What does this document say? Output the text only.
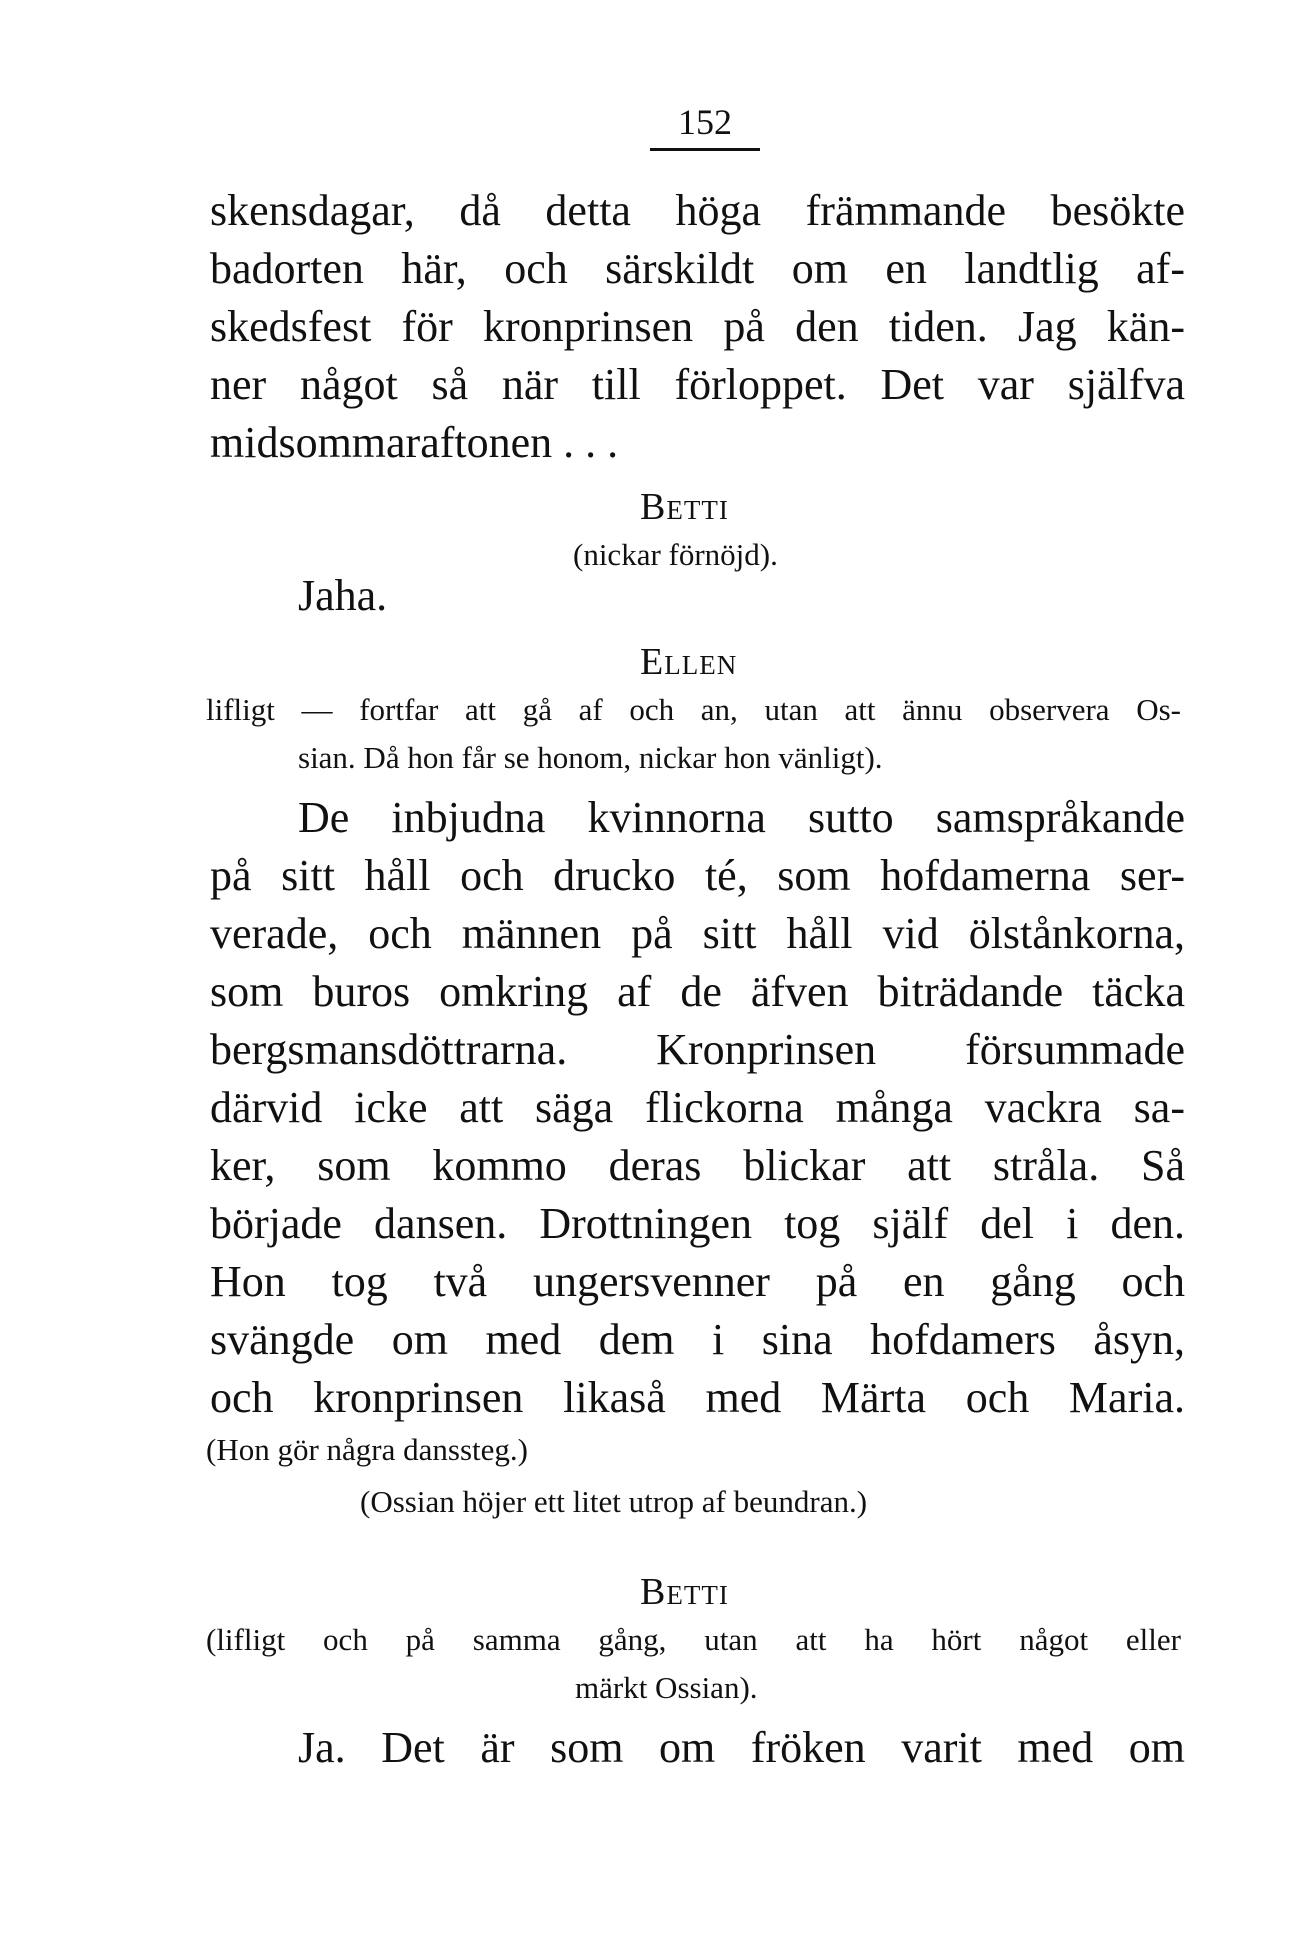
152
skensdagar, då detta höga främmande besökte
badorten här, och särskildt om en landtlig af-
skedsfest för kronprinsen på den tiden. Jag kän-
ner något så när till förloppet. Det var själfva
midsommaraftonen . . .
Betti
(nickar förnöjd).
Jaha.
Ellen
lifligt — fortfar att gå af och an, utan att ännu observera Os-
sian. Då hon får se honom, nickar hon vänligt).
De inbjudna kvinnorna sutto samspråkande
på sitt håll och drucko té, som hofdamerna ser-
verade, och männen på sitt håll vid ölstånkorna,
som buros omkring af de äfven biträdande täcka
bergsmansdöttrarna. Kronprinsen försummade
därvid icke att säga flickorna många vackra sa-
ker, som kommo deras blickar att stråla. Så
började dansen. Drottningen tog själf del i den.
Hon tog två ungersvenner på en gång och
svängde om med dem i sina hofdamers åsyn,
och kronprinsen likaså med Märta och Maria.
(Hon gör några danssteg.)
(Ossian höjer ett litet utrop af beundran.)
Betti
(lifligt och på samma gång, utan att ha hört något eller
märkt Ossian).
Ja. Det är som om fröken varit med om
